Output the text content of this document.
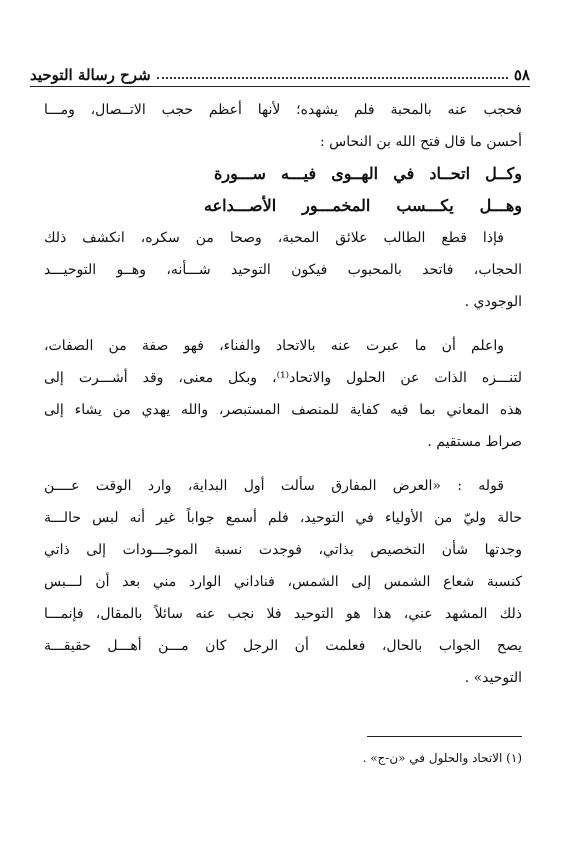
٥٨
شرح رسالة التوحيد
فحجب عنه بالمحبة فلم يشهده؛ لأنها أعظم حجب الاتــصال، ومـــا
أحسن ما قال فتح الله بن النحاس :
وكــل اتحــاد في الهــوى فيـــه ســـورة
وهـــل يكـــسب المخمـــور الأصـــداعه
فإذا قطع الطالب علائق المحبة، وصحا من سكره، انكشف ذلك
الحجاب، فاتحد بالمحبوب فيكون التوحيد شـــأنه، وهــو التوحيـــد
الوجودي .
واعلم أن ما عبرت عنه بالاتحاد والفناء، فهو صفة من الصفات،
لتنـــزه الذات عن الحلول والاتحاد⁽¹⁾، وبكل معنى، وقد أشـــرت إلى
هذه المعاني بما فيه كفاية للمنصف المستبصر، والله يهدي من يشاء إلى
صراط مستقيم .
قوله : «العرض المفارق سألت أول البداية، وارد الوقت عــــن
حالة وليّ من الأولياء في التوحيد، فلم أسمع جواباً غير أنه لبس حالـــة
وجدتها شأن التخصيص بذاتي، فوجدت نسبة الموجـــودات إلى ذاتي
كنسبة شعاع الشمس إلى الشمس، فناداني الوارد مني بعد أن لـــبس
ذلك المشهد عني، هذا هو التوحيد فلا نجب عنه سائلاً بالمقال، فإنمـــا
يصح الجواب بالحال، فعلمت أن الرجل كان مـــن أهـــل حقيقـــة
التوحيد» .
(١) الاتحاد والحلول في «ن-ج» .
